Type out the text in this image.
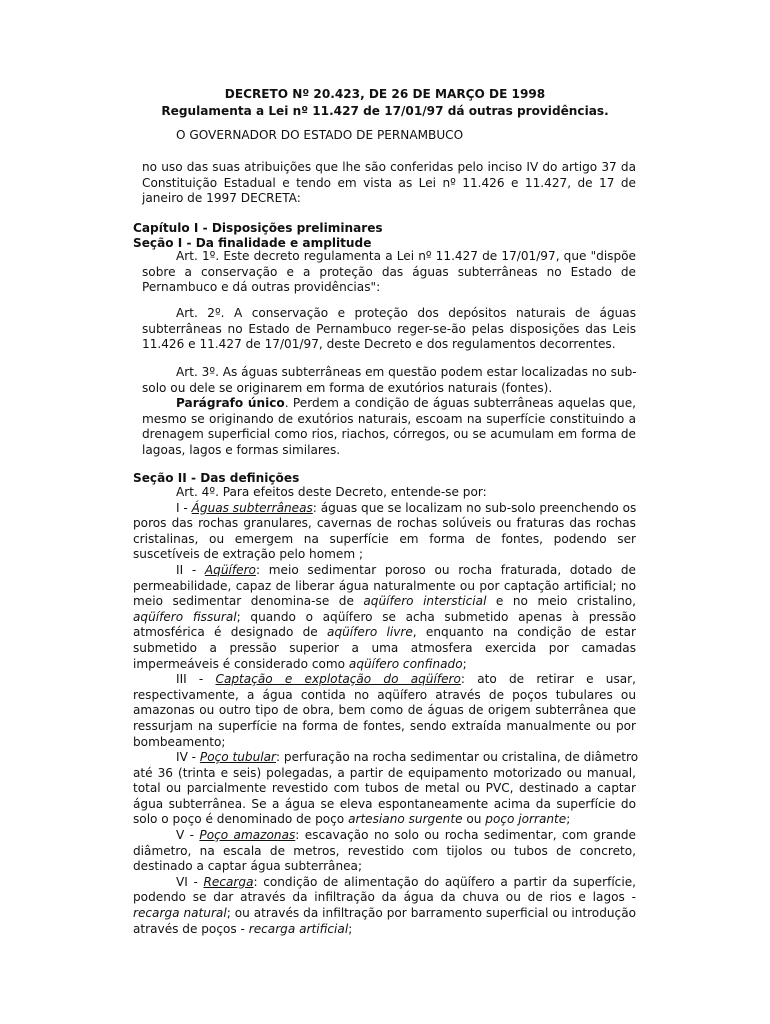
DECRETO Nº 20.423, DE 26 DE MARÇO DE 1998
Regulamenta a Lei nº 11.427 de 17/01/97 dá outras providências.
O GOVERNADOR DO ESTADO DE PERNAMBUCO
no uso das suas atribuições que lhe são conferidas pelo inciso IV do artigo 37 da
Constituição Estadual e tendo em vista as Lei nº 11.426 e 11.427, de 17 de
janeiro de 1997 DECRETA:
Capítulo I - Disposições preliminares
Seção I - Da finalidade e amplitude
Art. 1º. Este decreto regulamenta a Lei nº 11.427 de 17/01/97, que "dispõe
sobre a conservação e a proteção das águas subterrâneas no Estado de
Pernambuco e dá outras providências":
Art. 2º. A conservação e proteção dos depósitos naturais de águas
subterrâneas no Estado de Pernambuco reger-se-ão pelas disposições das Leis
11.426 e 11.427 de 17/01/97, deste Decreto e dos regulamentos decorrentes.
Art. 3º. As águas subterrâneas em questão podem estar localizadas no sub-
solo ou dele se originarem em forma de exutórios naturais (fontes).
Parágrafo único. Perdem a condição de águas subterrâneas aquelas que,
mesmo se originando de exutórios naturais, escoam na superfície constituindo a
drenagem superficial como rios, riachos, córregos, ou se acumulam em forma de
lagoas, lagos e formas similares.
Seção II - Das definições
Art. 4º. Para efeitos deste Decreto, entende-se por:
I - Águas subterrâneas: águas que se localizam no sub-solo preenchendo os
poros das rochas granulares, cavernas de rochas solúveis ou fraturas das rochas
cristalinas, ou emergem na superfície em forma de fontes, podendo ser
suscetíveis de extração pelo homem ;
II - Aqüífero: meio sedimentar poroso ou rocha fraturada, dotado de
permeabilidade, capaz de liberar água naturalmente ou por captação artificial; no
meio sedimentar denomina-se de aqüífero intersticial e no meio cristalino,
aqüífero fissural; quando o aqüífero se acha submetido apenas à pressão
atmosférica é designado de aqüífero livre, enquanto na condição de estar
submetido a pressão superior a uma atmosfera exercida por camadas
impermeáveis é considerado como aqüífero confinado;
III - Captação e explotação do aqüífero: ato de retirar e usar,
respectivamente, a água contida no aqüífero através de poços tubulares ou
amazonas ou outro tipo de obra, bem como de águas de origem subterrânea que
ressurjam na superfície na forma de fontes, sendo extraída manualmente ou por
bombeamento;
IV - Poço tubular: perfuração na rocha sedimentar ou cristalina, de diâmetro
até 36 (trinta e seis) polegadas, a partir de equipamento motorizado ou manual,
total ou parcialmente revestido com tubos de metal ou PVC, destinado a captar
água subterrânea. Se a água se eleva espontaneamente acima da superfície do
solo o poço é denominado de poço artesiano surgente ou poço jorrante;
V - Poço amazonas: escavação no solo ou rocha sedimentar, com grande
diâmetro, na escala de metros, revestido com tijolos ou tubos de concreto,
destinado a captar água subterrânea;
VI - Recarga: condição de alimentação do aqüífero a partir da superfície,
podendo se dar através da infiltração da água da chuva ou de rios e lagos -
recarga natural; ou através da infiltração por barramento superficial ou introdução
através de poços - recarga artificial;
